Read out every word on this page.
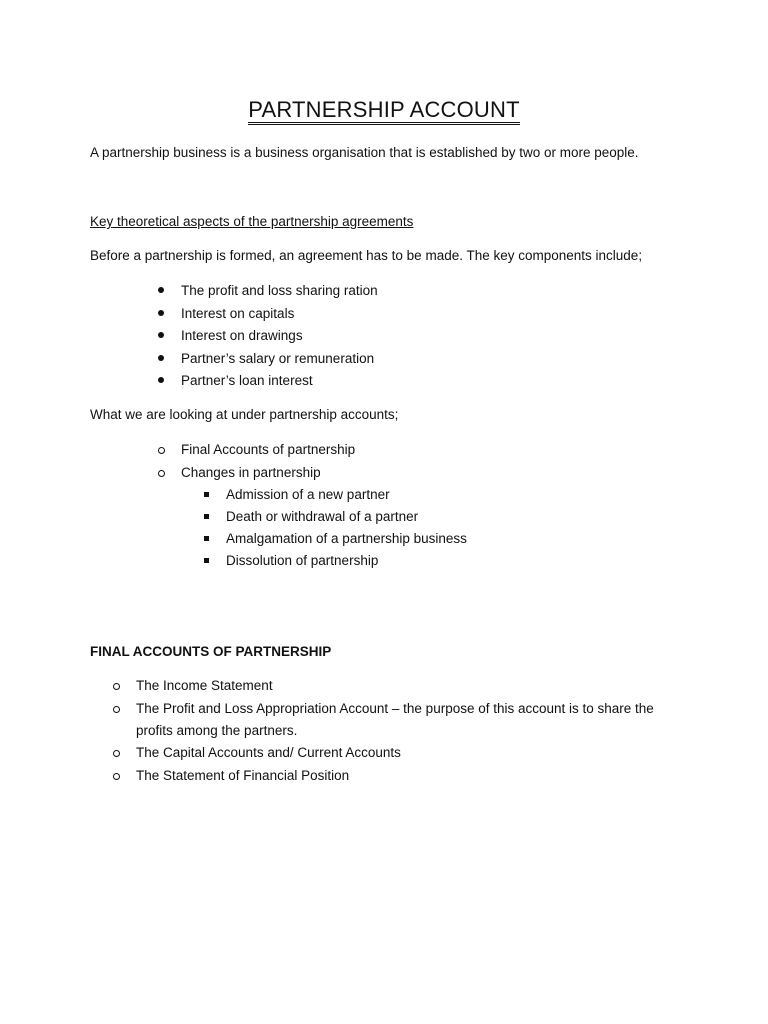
PARTNERSHIP ACCOUNT
A partnership business is a business organisation that is established by two or more people.
Key theoretical aspects of the partnership agreements
Before a partnership is formed, an agreement has to be made. The key components include;
The profit and loss sharing ration
Interest on capitals
Interest on drawings
Partner’s salary or remuneration
Partner’s loan interest
What we are looking at under partnership accounts;
Final Accounts of partnership
Changes in partnership
Admission of a new partner
Death or withdrawal of a partner
Amalgamation of a partnership business
Dissolution of partnership
FINAL ACCOUNTS OF PARTNERSHIP
The Income Statement
The Profit and Loss Appropriation Account – the purpose of this account is to share the
profits among the partners.
The Capital Accounts and/ Current Accounts
The Statement of Financial Position
